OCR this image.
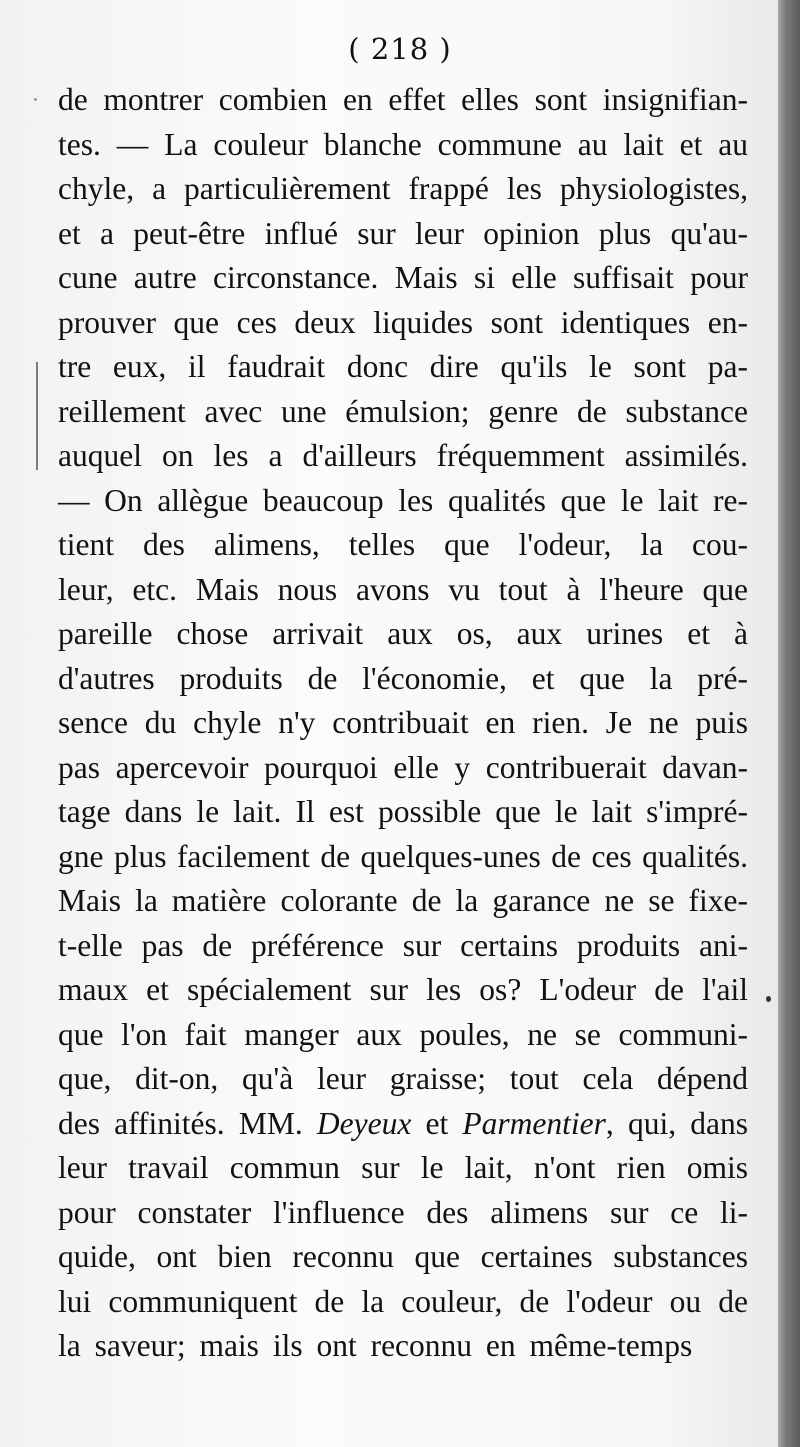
( 218 )
de montrer combien en effet elles sont insignifian-
tes. — La couleur blanche commune au lait et au
chyle, a particulièrement frappé les physiologistes,
et a peut-être influé sur leur opinion plus qu'au-
cune autre circonstance. Mais si elle suffisait pour
prouver que ces deux liquides sont identiques en-
tre eux, il faudrait donc dire qu'ils le sont pa-
reillement avec une émulsion; genre de substance
auquel on les a d'ailleurs fréquemment assimilés.
— On allègue beaucoup les qualités que le lait re-
tient des alimens, telles que l'odeur, la cou-
leur, etc. Mais nous avons vu tout à l'heure que
pareille chose arrivait aux os, aux urines et à
d'autres produits de l'économie, et que la pré-
sence du chyle n'y contribuait en rien. Je ne puis
pas apercevoir pourquoi elle y contribuerait davan-
tage dans le lait. Il est possible que le lait s'impré-
gne plus facilement de quelques-unes de ces qualités.
Mais la matière colorante de la garance ne se fixe-
t-elle pas de préférence sur certains produits ani-
maux et spécialement sur les os? L'odeur de l'ail
que l'on fait manger aux poules, ne se communi-
que, dit-on, qu'à leur graisse; tout cela dépend
des affinités. MM. Deyeux et Parmentier, qui, dans
leur travail commun sur le lait, n'ont rien omis
pour constater l'influence des alimens sur ce li-
quide, ont bien reconnu que certaines substances
lui communiquent de la couleur, de l'odeur ou de
la saveur; mais ils ont reconnu en même-temps
